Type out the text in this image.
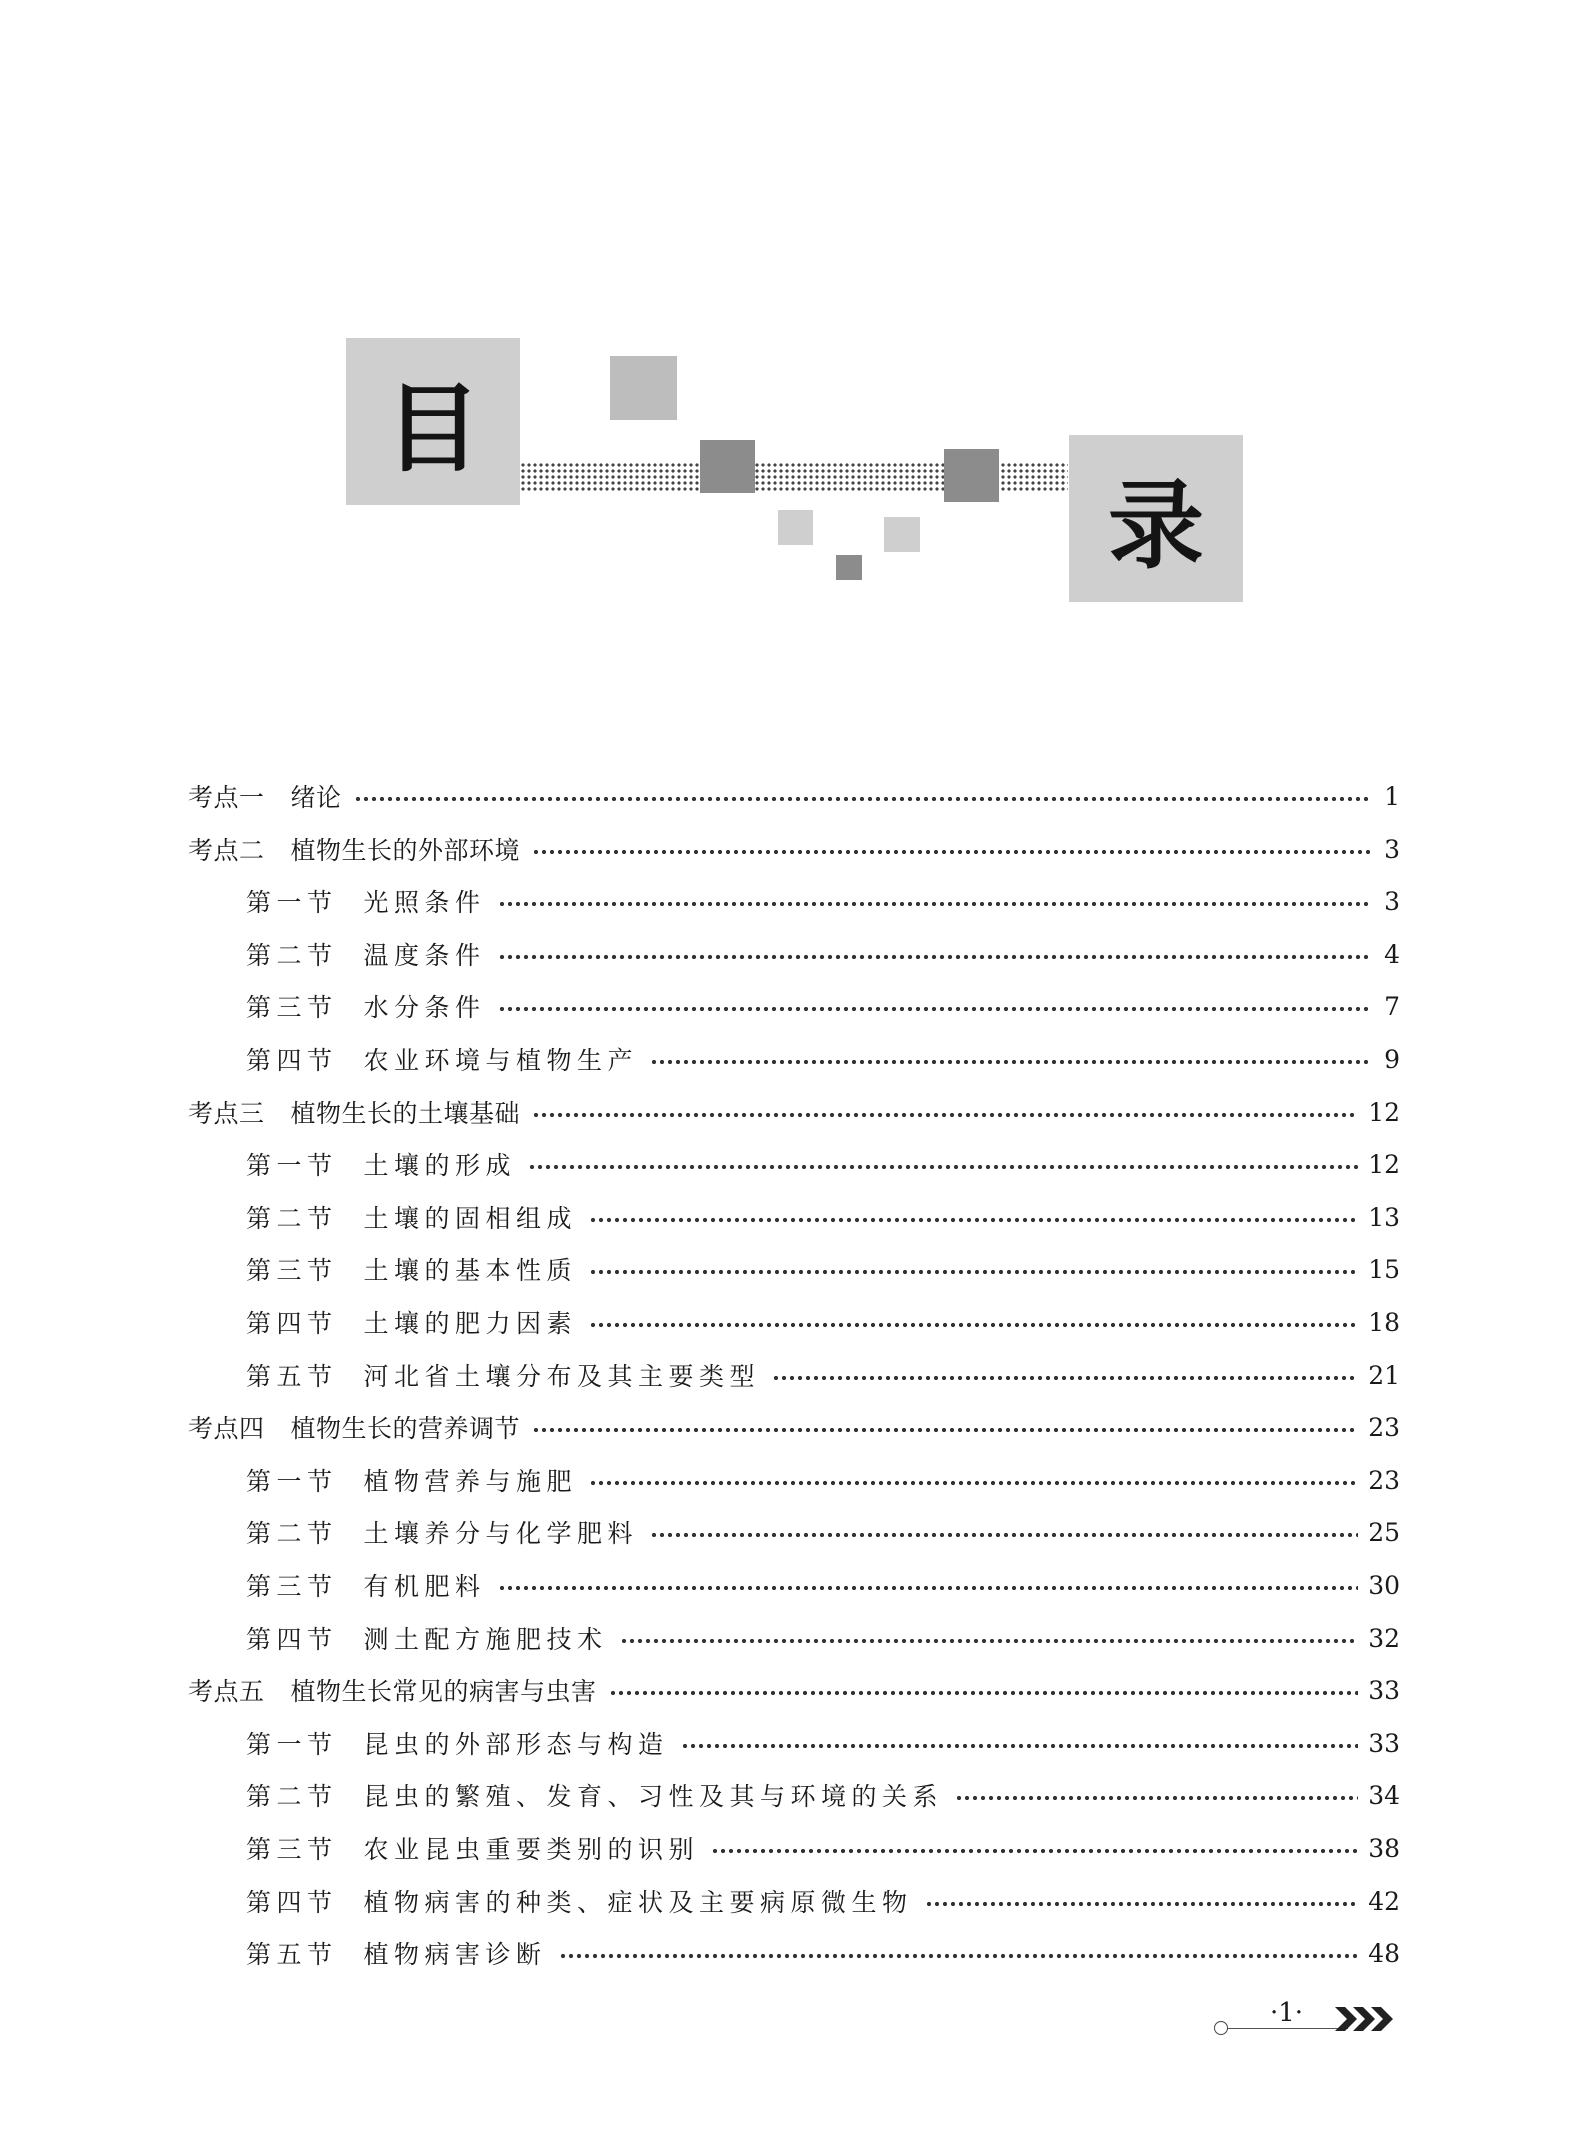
目
录
考点一 绪论	1
考点二 植物生长的外部环境	3
第一节 光照条件	3
第二节 温度条件	4
第三节 水分条件	7
第四节 农业环境与植物生产	9
考点三 植物生长的土壤基础	12
第一节 土壤的形成	12
第二节 土壤的固相组成	13
第三节 土壤的基本性质	15
第四节 土壤的肥力因素	18
第五节 河北省土壤分布及其主要类型	21
考点四 植物生长的营养调节	23
第一节 植物营养与施肥	23
第二节 土壤养分与化学肥料	25
第三节 有机肥料	30
第四节 测土配方施肥技术	32
考点五 植物生长常见的病害与虫害	33
第一节 昆虫的外部形态与构造	33
第二节 昆虫的繁殖、发育、习性及其与环境的关系	34
第三节 农业昆虫重要类别的识别	38
第四节 植物病害的种类、症状及主要病原微生物	42
第五节 植物病害诊断	48
·1·
